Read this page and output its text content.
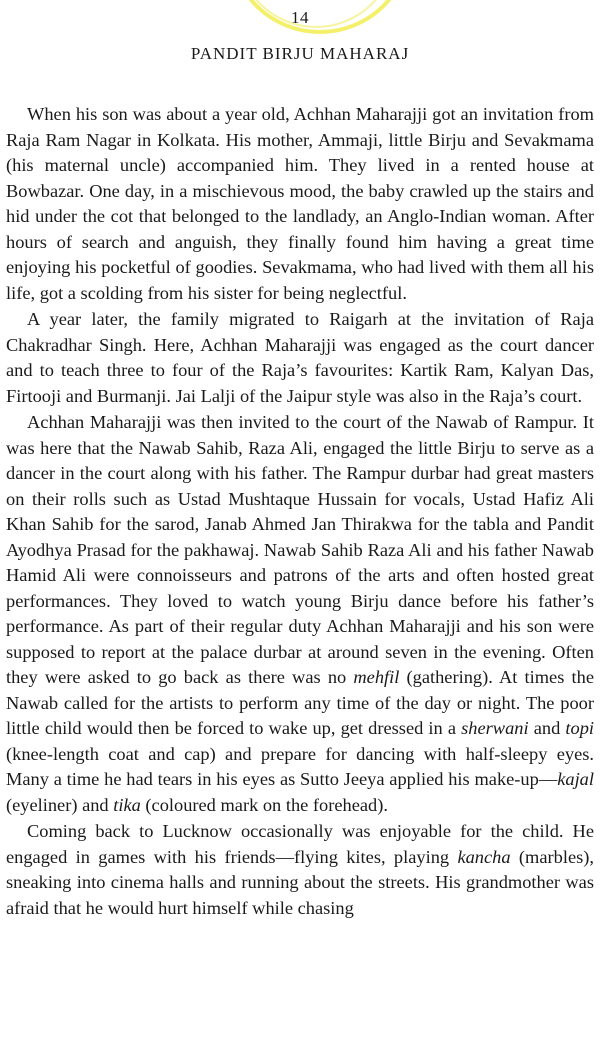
14
PANDIT BIRJU MAHARAJ

When his son was about a year old, Achhan Maharajji got an invitation from Raja Ram Nagar in Kolkata. His mother, Ammaji, little Birju and Sevakmama (his maternal uncle) accompanied him. They lived in a rented house at Bowbazar. One day, in a mischievous mood, the baby crawled up the stairs and hid under the cot that belonged to the landlady, an Anglo-Indian woman. After hours of search and anguish, they finally found him having a great time enjoying his pocketful of goodies. Sevakmama, who had lived with them all his life, got a scolding from his sister for being neglectful.

A year later, the family migrated to Raigarh at the invitation of Raja Chakradhar Singh. Here, Achhan Maharajji was engaged as the court dancer and to teach three to four of the Raja’s favourites: Kartik Ram, Kalyan Das, Firtooji and Burmanji. Jai Lalji of the Jaipur style was also in the Raja’s court.

Achhan Maharajji was then invited to the court of the Nawab of Rampur. It was here that the Nawab Sahib, Raza Ali, engaged the little Birju to serve as a dancer in the court along with his father. The Rampur durbar had great masters on their rolls such as Ustad Mushtaque Hussain for vocals, Ustad Hafiz Ali Khan Sahib for the sarod, Janab Ahmed Jan Thirakwa for the tabla and Pandit Ayodhya Prasad for the pakhawaj. Nawab Sahib Raza Ali and his father Nawab Hamid Ali were connoisseurs and patrons of the arts and often hosted great performances. They loved to watch young Birju dance before his father’s performance. As part of their regular duty Achhan Maharajji and his son were supposed to report at the palace durbar at around seven in the evening. Often they were asked to go back as there was no mehfil (gathering). At times the Nawab called for the artists to perform any time of the day or night. The poor little child would then be forced to wake up, get dressed in a sherwani and topi (knee-length coat and cap) and prepare for dancing with half-sleepy eyes. Many a time he had tears in his eyes as Sutto Jeeya applied his make-up—kajal (eyeliner) and tika (coloured mark on the forehead).

Coming back to Lucknow occasionally was enjoyable for the child. He engaged in games with his friends—flying kites, playing kancha (marbles), sneaking into cinema halls and running about the streets. His grandmother was afraid that he would hurt himself while chasing
